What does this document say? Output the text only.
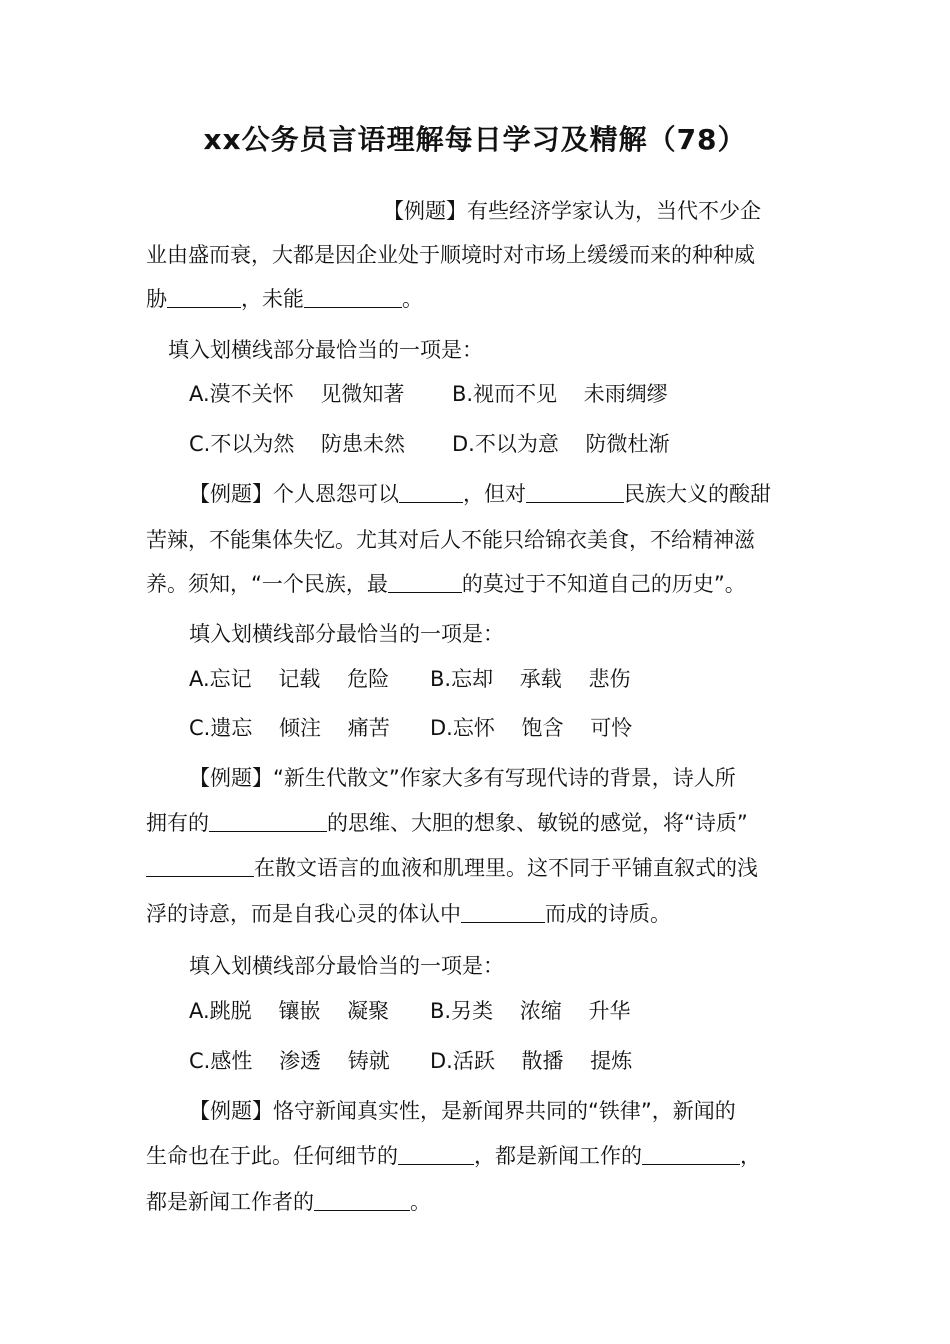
xx公务员言语理解每日学习及精解（78）
【例题】有些经济学家认为，当代不少企
业由盛而衰，大都是因企业处于顺境时对市场上缓缓而来的种种威
胁	，未能	。
填入划横线部分最恰当的一项是：
A.漠不关怀    见微知著 B.视而不见    未雨绸缪
C.不以为然    防患未然 D.不以为意    防微杜渐
【例题】个人恩怨可以	，但对	民族大义的酸甜
苦辣，不能集体失忆。尤其对后人不能只给锦衣美食，不给精神滋
养。须知，“一个民族，最	的莫过于不知道自己的历史”。
填入划横线部分最恰当的一项是：
A.忘记    记载    危险 B.忘却    承载    悲伤
C.遗忘    倾注    痛苦 D.忘怀    饱含    可怜
【例题】“新生代散文”作家大多有写现代诗的背景，诗人所
拥有的	的思维、大胆的想象、敏锐的感觉，将“诗质”
在散文语言的血液和肌理里。这不同于平铺直叙式的浅
浮的诗意，而是自我心灵的体认中	而成的诗质。
填入划横线部分最恰当的一项是：
A.跳脱    镶嵌    凝聚 B.另类    浓缩    升华
C.感性    渗透    铸就 D.活跃    散播    提炼
【例题】恪守新闻真实性，是新闻界共同的“铁律”，新闻的
生命也在于此。任何细节的	，都是新闻工作的	，
都是新闻工作者的	。
